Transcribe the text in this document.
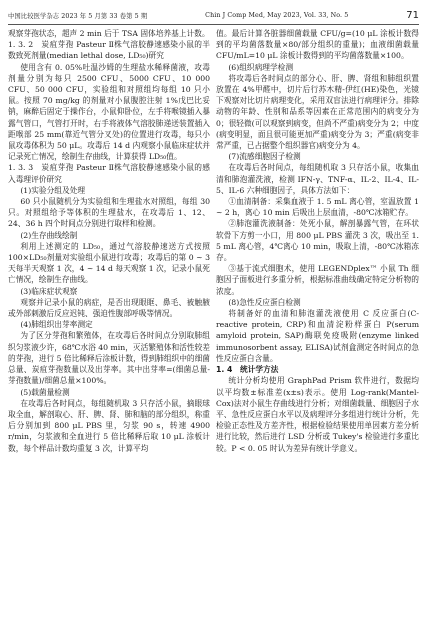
中国比较医学杂志 2023 年 5 月第 33 卷第 5 期	Chin J Comp Med, May 2023, Vol. 33, No. 5	71

观察芽孢状态，超声 2 min 后于 TSA 固体培养基上计数。

1. 3. 2　炭疽芽孢 Pasteur Ⅱ株气溶胶静速感染小鼠的半数致死剂量(median lethal dose, LD₅₀)研究

使用含有 0. 05%吐温沙姆的生理盐水稀释菌液，攻毒剂量分别为每只 2500 CFU、5000 CFU、10 000 CFU、50 000 CFU，实验组和对照组均每组 10 只小鼠。按照 70 mg/kg 的剂量对小鼠腹腔注射 1%戊巴比妥钠，麻醉后固定于操作台，小鼠仰卧位，左手将喉镜插入暴露气管口，气管打开时，右手将液体气溶胶肺递送装置插入距喉部 25 mm(靠近气管分叉处)的位置进行攻毒，每只小鼠攻毒体积为 50 μL。攻毒后 14 d 内观察小鼠临床症状并记录死亡情况，绘制生存曲线，计算获得 LD₅₀值。

1. 3. 3　炭疽芽孢 Pasteur Ⅱ株气溶胶静速感染小鼠的感入毒理评价研究

(1)实验分组及处理

60 只小鼠随机分为实验组和生理盐水对照组，每组 30 只。对照组给予等体积的生理盐水，在攻毒后 1、12、24、36 h 四个时间点分别进行取样和检测。

(2)生存曲线绘制

利用上述测定的 LD₅₀，通过气溶胶静速送方式按照 100×LD₅₀剂量对实验组小鼠进行攻毒；攻毒后的第 0 ~ 3 天每半天观察 1 次，4 ~ 14 d 每天观察 1 次，记录小鼠死亡情况，绘制生存曲线。

(3)临床症状观察

观察并记录小鼠的病症，是否出现眼眶、鼻毛、被触腋或外部刺激后反应迟钝、强迫性腹部呼吸等情况。

(4)肺组织出芽率测定

为了区分芽孢和繁殖体，在攻毒后各时间点分别取肺组织匀浆液少许，68℃水浴 40 min，灭活繁殖体和活性较差的芽孢，进行 5 倍比稀释后涂板计数，得到肺组织中的细菌总量、炭疽芽孢数量以及出芽率。其中出芽率=(细菌总量-芽孢数量)/细菌总量×100%。

(5)载菌量检测

在攻毒后各时间点，每组随机取 3 只存活小鼠，摘眼球取全血，解剖取心、肝、脾、肾、肺和脑的部分组织，称重后分别加到 800 μL PBS 里，匀浆 90 s，转速 4900 r/min，匀浆液和全血进行 5 倍比稀释后取 10 μL 涂板计数，每个样品计数均重复 3 次，计算平均

值。最后计算各脏器细菌载量 CFU/g=(10 μL 涂板计数得到的平均菌落数量×80/部分组织的重量)；血液细菌载量 CFU/mL=10 μL 涂板计数得到的平均菌落数量×100。

(6)组织病理学检测

将攻毒后各时间点的部分心、肝、脾、肾组和肺组织置放置在 4%甲醛中，切片后行苏木精-伊红(HE)染色，光镜下观察对比切片病理变化，采用双盲法进行病理评分。排除动物的年龄、性别和品系等因素在正常范围内的病变分为 0；很轻微(可以观察到病变，但尚不严重)病变分为 2；中度(病变明显，面且很可能更加严重)病变分为 3；严重(病变非常严重，已占据整个组织器官)病变分为 4。

(7)流感细胞因子检测

在攻毒后各时间点，每组随机取 3 只存活小鼠，收集血清和肺泡灌洗液，检测 IFN-γ、TNF-α、IL-2、IL-4、IL-5、IL-6 六种细胞因子，具体方法如下：

①血清制备：采集血液于 1. 5 mL 离心管，室温放置 1 ~ 2 h，离心 10 min 后吸出上层血清，-80℃冰箱贮存。

②肺泡灌洗液制备：处死小鼠，解剖暴露气管，在环状软骨下方剪一小口，用 800 μL PBS 灌洗 3 次，吸出至 1. 5 mL 离心管，4℃离心 10 min，吸取上清，-80℃冰箱冻存。

③基于流式细胞术，使用 LEGENDplex™ 小鼠 Th 细胞因子面板进行多重分析，根据标准曲线确定特定分析物的浓度。

(8)急性反应蛋白检测

将制备好的血清和肺泡灌洗液使用 C 反应蛋白(C-reactive protein, CRP)和血清淀粉样蛋白 P(serum amyloid protein, SAP)酶联免疫吸附(enzyme linked immunosorbent assay, ELISA)试剂盒测定各时间点的急性反应蛋白含量。

1. 4　统计学方法

统计分析均使用 GraphPad Prism 软件进行，数据均以平均数±标准差(x±s)表示。使用 Log-rank(Mantel-Cox)法对小鼠生存曲线进行分析；对细菌载量、细胞因子水平、急性反应蛋白水平以及病理评分多组进行统计分析，先检验正态性及方差齐性，根据检验结果使用单因素方差分析进行比较，然后进行 LSD 分析或 Tukey's 检验进行多重比较。P < 0. 05 时认为差异有统计学意义。
